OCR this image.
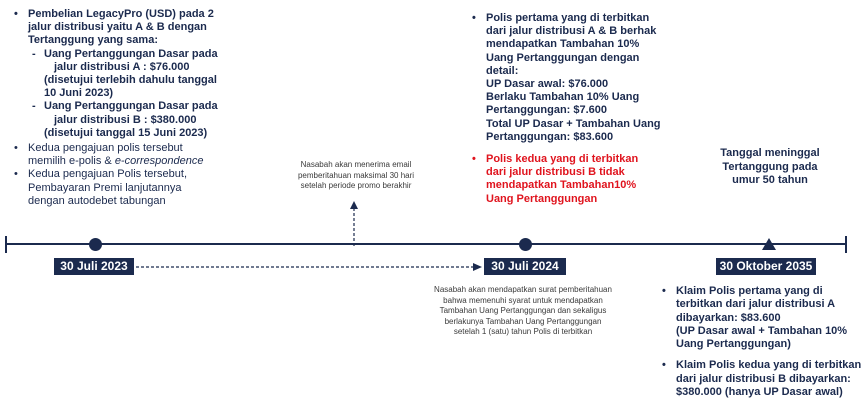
• Pembelian LegacyPro (USD) pada 2
jalur distribusi yaitu A & B dengan
Tertanggung yang sama:
- Uang Pertanggungan Dasar pada
jalur distribusi A : $76.000
(disetujui terlebih dahulu tanggal
10 Juni 2023)
- Uang Pertanggungan Dasar pada
jalur distribusi B : $380.000
(disetujui tanggal 15 Juni 2023)
• Kedua pengajuan polis tersebut
memilih e-polis & e-correspondence
• Kedua pengajuan Polis tersebut,
Pembayaran Premi lanjutannya
dengan autodebet tabungan
Nasabah akan menerima email
pemberitahuan maksimal 30 hari
setelah periode promo berakhir
• Polis pertama yang di terbitkan
dari jalur distribusi A & B berhak
mendapatkan Tambahan 10%
Uang Pertanggungan dengan
detail:
UP Dasar awal: $76.000
Berlaku Tambahan 10% Uang
Pertanggungan: $7.600
Total UP Dasar + Tambahan Uang
Pertanggungan: $83.600
• Polis kedua yang di terbitkan
dari jalur distribusi B tidak
mendapatkan Tambahan10%
Uang Pertanggungan
Tanggal meninggal
Tertanggung pada
umur 50 tahun
30 Juli 2023	30 Juli 2024	30 Oktober 2035
Nasabah akan mendapatkan surat pemberitahuan
bahwa memenuhi syarat untuk mendapatkan
Tambahan Uang Pertanggungan dan sekaligus
berlakunya Tambahan Uang Pertanggungan
setelah 1 (satu) tahun Polis di terbitkan
• Klaim Polis pertama yang di
terbitkan dari jalur distribusi A
dibayarkan: $83.600
(UP Dasar awal + Tambahan 10%
Uang Pertanggungan)
• Klaim Polis kedua yang di terbitkan
dari jalur distribusi B dibayarkan:
$380.000 (hanya UP Dasar awal)
